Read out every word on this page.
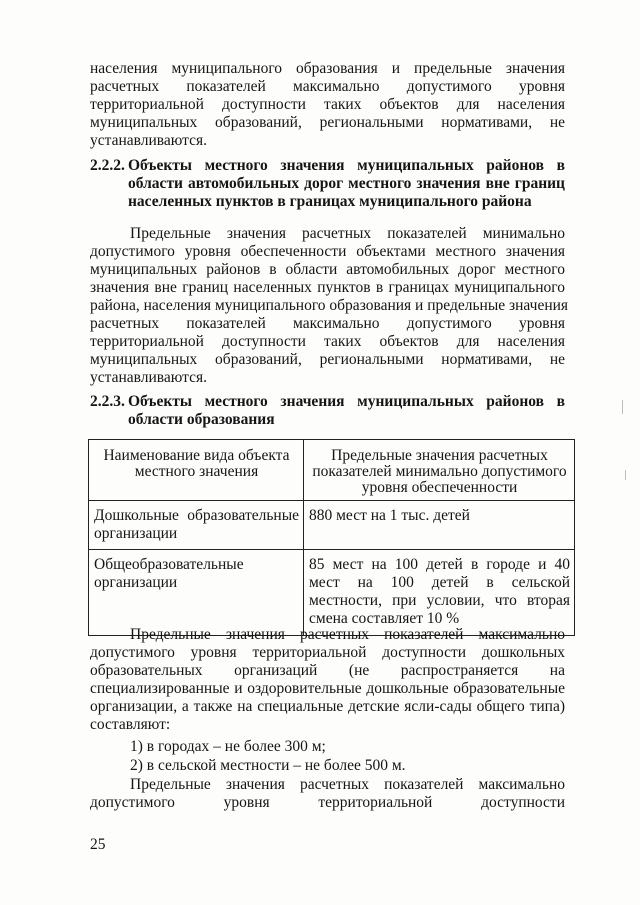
населения муниципального образования и предельные значения
расчетных показателей максимально допустимого уровня
территориальной доступности таких объектов для населения
муниципальных образований, региональными нормативами, не
устанавливаются.
2.2.2. Объекты местного значения муниципальных районов в
области автомобильных дорог местного значения вне границ
населенных пунктов в границах муниципального района
Предельные значения расчетных показателей минимально
допустимого уровня обеспеченности объектами местного значения
муниципальных районов в области автомобильных дорог местного
значения вне границ населенных пунктов в границах муниципального
района, населения муниципального образования и предельные значения
расчетных показателей максимально допустимого уровня
территориальной доступности таких объектов для населения
муниципальных образований, региональными нормативами, не
устанавливаются.
2.2.3. Объекты местного значения муниципальных районов в
области образования
Наименование вида объекта местного значения	Предельные значения расчетных показателей минимально допустимого уровня обеспеченности
Дошкольные образовательные организации	880 мест на 1 тыс. детей
Общеобразовательные организации	85 мест на 100 детей в городе и 40 мест на 100 детей в сельской местности, при условии, что вторая смена составляет 10 %
Предельные значения расчетных показателей максимально
допустимого уровня территориальной доступности дошкольных
образовательных организаций (не распространяется на
специализированные и оздоровительные дошкольные образовательные
организации, а также на специальные детские ясли-сады общего типа)
составляют:
1) в городах – не более 300 м;
2) в сельской местности – не более 500 м.
Предельные значения расчетных показателей максимально
допустимого уровня территориальной доступности
25
